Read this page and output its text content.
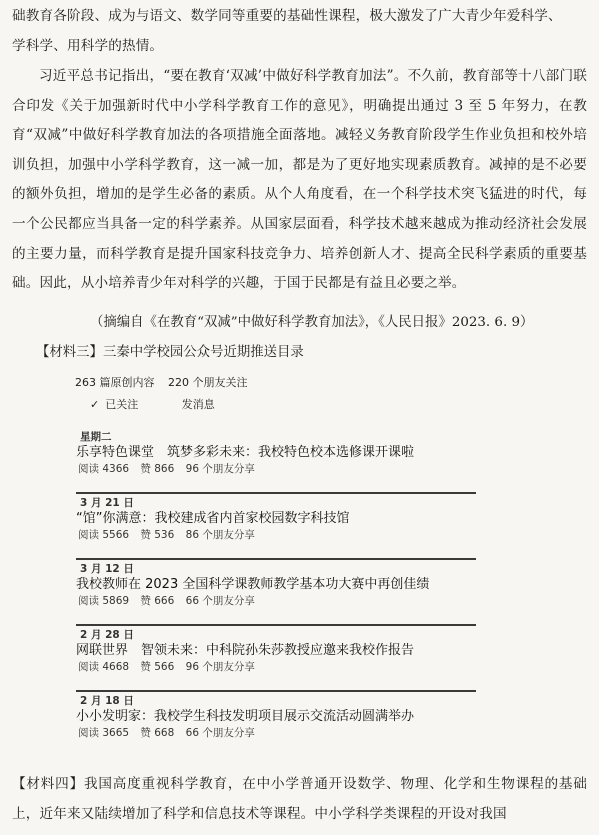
础教育各阶段、成为与语文、数学同等重要的基础性课程，极大激发了广大青少年爱科学、
学科学、用科学的热情。

习近平总书记指出，“要在教育‘双减’中做好科学教育加法”。不久前，教育部等十八部门联合印发《关于加强新时代中小学科学教育工作的意见》，明确提出通过 3 至 5 年努力，在教育“双减”中做好科学教育加法的各项措施全面落地。减轻义务教育阶段学生作业负担和校外培训负担，加强中小学科学教育，这一减一加，都是为了更好地实现素质教育。减掉的是不必要的额外负担，增加的是学生必备的素质。从个人角度看，在一个科学技术突飞猛进的时代，每一个公民都应当具备一定的科学素养。从国家层面看，科学技术越来越成为推动经济社会发展的主要力量，而科学教育是提升国家科技竞争力、培养创新人才、提高全民科学素质的重要基础。因此，从小培养青少年对科学的兴趣，于国于民都是有益且必要之举。

（摘编自《在教育“双减”中做好科学教育加法》，《人民日报》2023. 6. 9）
【材料三】三秦中学校园公众号近期推送目录
263 篇原创内容 220 个朋友关注
✓ 已关注	发消息
星期二
乐享特色课堂　筑梦多彩未来：我校特色校本选修课开课啦
阅读 4366 赞 866 96 个朋友分享
3 月 21 日
“馆”你满意：我校建成省内首家校园数字科技馆
阅读 5566 赞 536 86 个朋友分享
3 月 12 日
我校教师在 2023 全国科学课教师教学基本功大赛中再创佳绩
阅读 5869 赞 666 66 个朋友分享
2 月 28 日
网联世界　智领未来：中科院孙朱莎教授应邀来我校作报告
阅读 4668 赞 566 96 个朋友分享
2 月 18 日
小小发明家：我校学生科技发明项目展示交流活动圆满举办
阅读 3665 赞 668 66 个朋友分享

【材料四】我国高度重视科学教育，在中小学普通开设数学、物理、化学和生物课程的基础上，近年来又陆续增加了科学和信息技术等课程。中小学科学类课程的开设对我国
